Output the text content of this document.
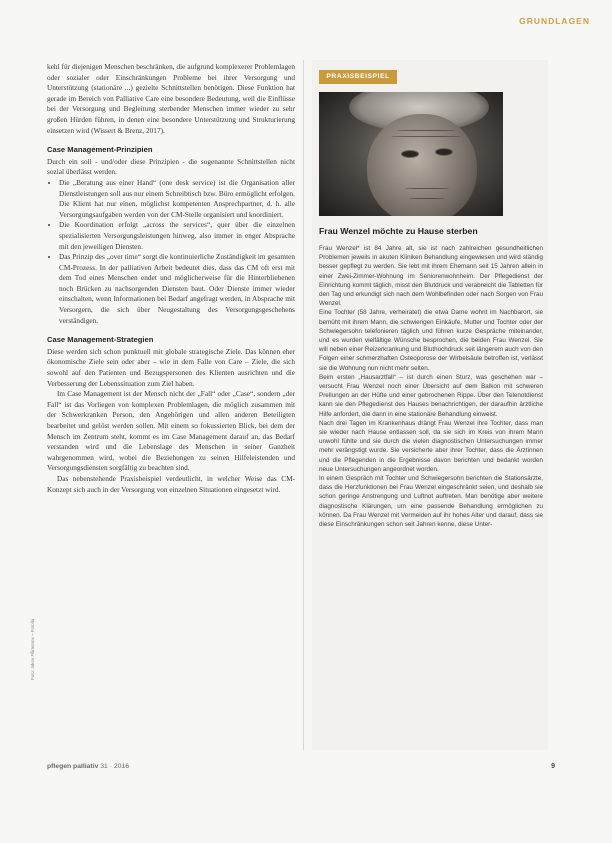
GRUNDLAGEN

kehl für diejenigen Menschen beschränken, die aufgrund komplexerer Problemlagen oder sozialer oder Einschränkungen Probleme bei ihrer Versorgung und Unterstützung (stationäre ...) gezielte Schnittstellen benötigen. Diese Funktion hat gerade im Bereich von Palliative Care eine besondere Bedeutung, weil die Einflüsse bei der Versorgung und Begleitung sterbender Menschen immer wieder zu sehr großen Hürden führen, in denen eine besondere Unterstützung und Strukturierung einsetzen wird (Wissert & Brenz, 2017).

Case Management-Prinzipien

Durch ein soll - und/oder diese Prinzipien - die sogenannte Schnittstellen nicht sozial überlässt werden.

• Die „Beratung aus einer Hand“ (one desk service) ist die Organisation aller Dienstleistungen soll aus nur einem Schreibtisch bzw. Büro ermöglicht erfolgen. Die Klient hat nur einen, möglichst kompetenten Ansprechpartner, d. h. alle Versorgungsaufgaben werden von der CM-Stelle organisiert und koordiniert.
• Die Koordination erfolgt „across the services“, quer über die einzelnen spezialisierten Versorgungsleistungen hinweg, also immer in enger Absprache mit den jeweiligen Diensten.
• Das Prinzip des „over time“ sorgt die kontinuierliche Zuständigkeit im gesamten CM-Prozess. In der palliativen Arbeit bedeutet dies, dass das CM oft erst mit dem Tod eines Menschen endet und möglicherweise für die Hinterbliebenen noch Brücken zu nachsorgenden Diensten baut. Oder Dienste immer wieder einschalten, wenn Informationen bei Bedarf angefragt werden, in Absprache mit Versorgern, die sich über Neugestaltung des Versorgungsgeschehens verständigen.
Case Management-Strategien

Diese werden sich schon punktuell mit globale strategische Ziele. Das können eher ökonomische Ziele sein oder aber – wie in dem Falle von Care – Ziele, die sich sowohl auf den Patienten und Bezugspersonen des Klienten ausrichten und die Verbesserung der Lebenssituation zum Ziel haben.

Im Case Management ist der Mensch nicht der „Fall“ oder „Case“, sondern „der Fall“ ist das Vorliegen von komplexen Problemlagen, die möglich zusammen mit der Schwerkranken Person, den Angehörigen und allen anderen Beteiligten bearbeitet und gelöst werden sollen. Mit einem so fokussierten Blick, bei dem der Mensch im Zentrum steht, kommt es im Case Management darauf an, das Bedarf verstanden wird und die Lebenslage des Menschen in seiner Ganzheit wahrgenommen wird, wobei die Beziehungen zu seinen Hilfeleistenden und Versorgungsdiensten sorgfältig zu beachten sind.

Das nebenstehende Praxisbeispiel verdeutlicht, in welcher Weise das CM-Konzept sich auch in der Versorgung von einzelnen Situationen eingesetzt wird.

Foto: Iakov Filimonov – Fotolia
PRAXISBEISPIEL
Frau Wenzel möchte zu Hause sterben

Frau Wenzel* ist 84 Jahre alt, sie ist nach zahlreichen gesundheitlichen Problemen jeweils in akuten Kliniken Behandlung eingewiesen und wird ständig besser gepflegt zu werden. Sie lebt mit ihrem Ehemann seit 15 Jahren allein in einer Zwei-Zimmer-Wohnung im Seniorenwohnheim. Der Pflegedienst der Einrichtung kommt täglich, misst den Blutdruck und verabreicht die Tabletten für den Tag und erkundigt sich nach dem Wohlbefinden oder nach Sorgen von Frau Wenzel.

Eine Tochter (58 Jahre, verheiratet) die etwa Dame wohnt im Nachbarort, sie bemüht mit ihrem Mann, die schwierigen Einkäufe, Mutter und Tochter oder der Schwiegersohn telefonieren täglich und führen kurze Gespräche miteinander, und es wurden vielfältige Wünsche besprochen, die beiden Frau Wenzel. Sie will neben einer Reizerkrankung und Bluthochdruck seit längerem auch von den Folgen einer schmerzhaften Osteoporose der Wirbelsäule betroffen ist, verlässt sie die Wohnung nun nicht mehr selten.

Beim ersten „Hausarztfall“ – ist durch einen Sturz, was geschehen war – versucht Frau Wenzel noch einer Übersicht auf dem Balkon mit schweren Prellungen an der Hüfte und einer gebrochenen Rippe. Über den Telenotdienst kann sie den Pflegedienst des Hauses benachrichtigen, der daraufhin ärztliche Hilfe anfordert, die dann in eine stationäre Behandlung einweist.

Nach drei Tagen im Krankenhaus drängt Frau Wenzel ihre Tochter, dass man sie wieder nach Hause entlassen soll, da sie sich im Kreis von ihrem Mann unwohl fühlte und sie durch die vielen diagnostischen Untersuchungen immer mehr verängstigt wurde. Sie versicherte aber ihrer Tochter, dass die Ärztinnen und die Pflegenden in die Ergebnisse davon berichten und bedankt worden neue Untersuchungen angeordnet worden.

In einem Gespräch mit Tochter und Schwiegersohn berichten die Stationsärzte, dass die Herzfunktionen bei Frau Wenzel eingeschränkt seien, und deshalb sie schon geringe Anstrengung und Luftnot auftreten. Man benötige aber weitere diagnostische Klärungen, um eine passende Behandlung ermöglichen zu können. Da Frau Wenzel mit Vermeiden auf ihr hohes Alter und darauf, dass sie diese Einschränkungen schon seit Jahren kenne, diese Unter-

pflegen palliativ 31 · 2016	9
